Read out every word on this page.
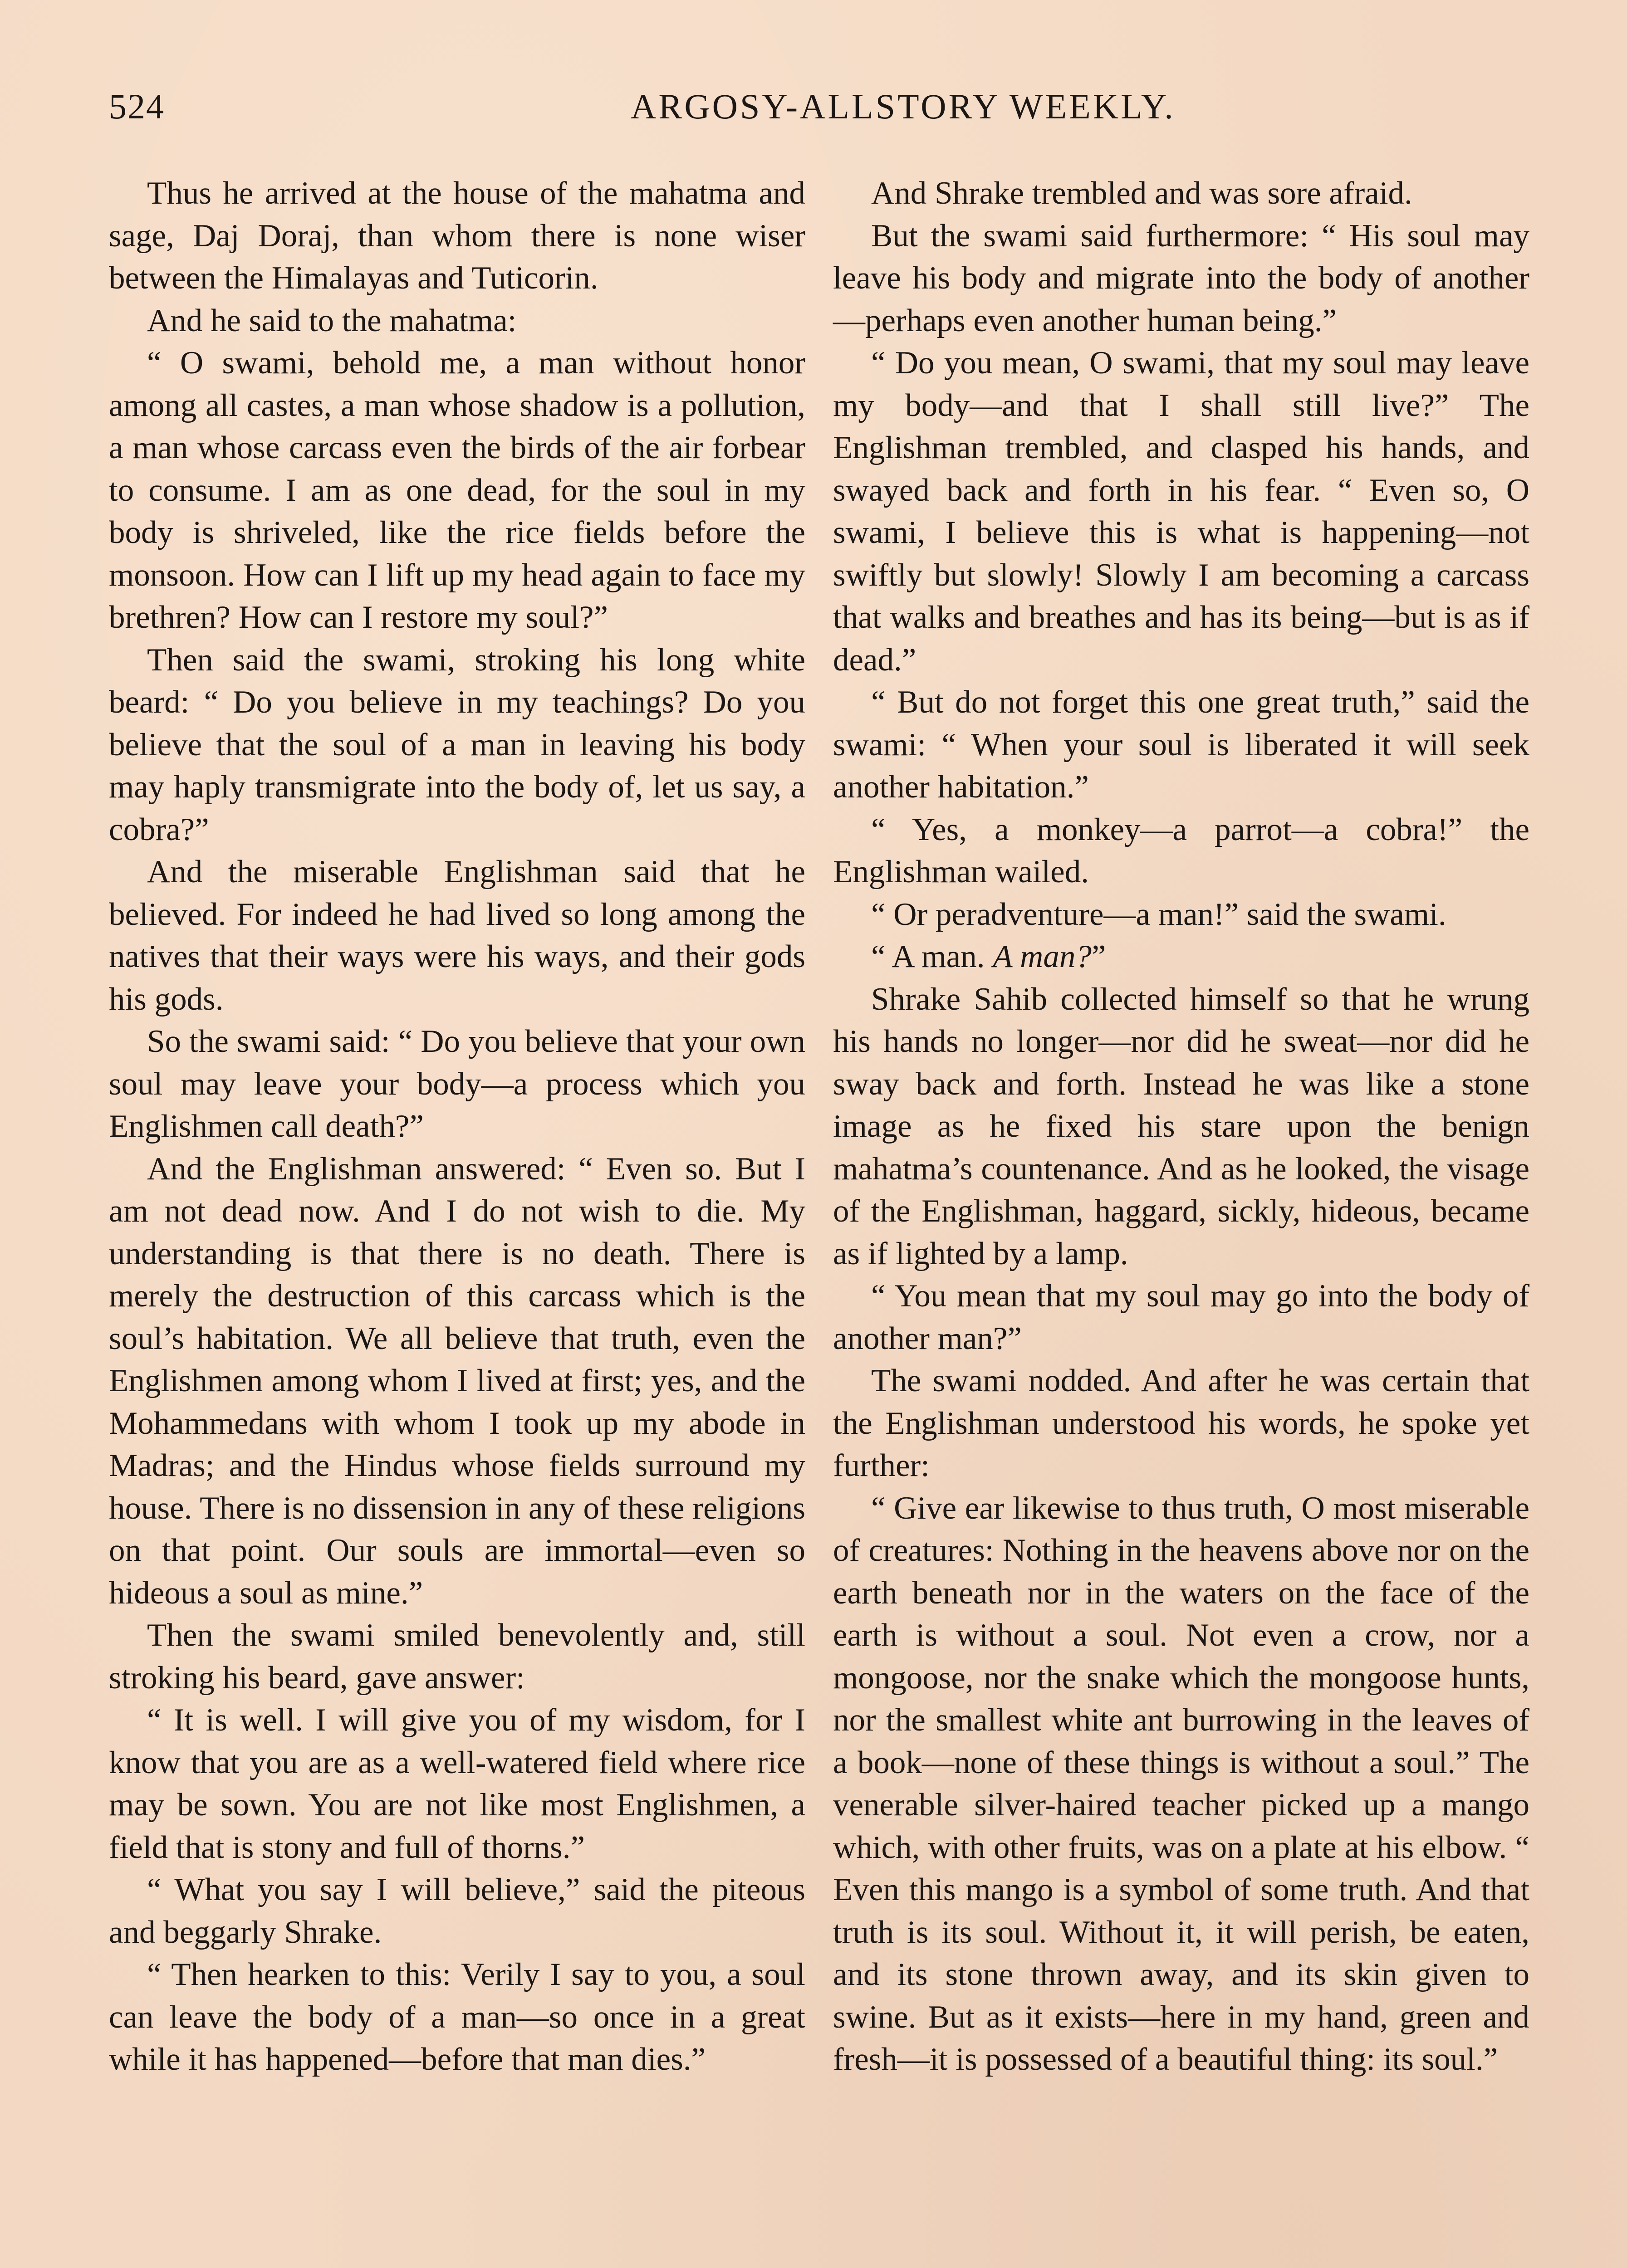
524	ARGOSY-ALLSTORY WEEKLY.

Thus he arrived at the house of the mahatma and sage, Daj Doraj, than whom there is none wiser between the Himalayas and Tuticorin.

And he said to the mahatma:

“ O swami, behold me, a man without honor among all castes, a man whose shadow is a pollution, a man whose carcass even the birds of the air forbear to consume. I am as one dead, for the soul in my body is shriveled, like the rice fields before the monsoon. How can I lift up my head again to face my brethren? How can I restore my soul?”

Then said the swami, stroking his long white beard: “ Do you believe in my teachings? Do you believe that the soul of a man in leaving his body may haply transmigrate into the body of, let us say, a cobra?”

And the miserable Englishman said that he believed. For indeed he had lived so long among the natives that their ways were his ways, and their gods his gods.

So the swami said: “ Do you believe that your own soul may leave your body—a process which you Englishmen call death?”

And the Englishman answered: “ Even so. But I am not dead now. And I do not wish to die. My understanding is that there is no death. There is merely the destruction of this carcass which is the soul’s habitation. We all believe that truth, even the Englishmen among whom I lived at first; yes, and the Mohammedans with whom I took up my abode in Madras; and the Hindus whose fields surround my house. There is no dissension in any of these religions on that point. Our souls are immortal—even so hideous a soul as mine.”

Then the swami smiled benevolently and, still stroking his beard, gave answer:

“ It is well. I will give you of my wisdom, for I know that you are as a well-watered field where rice may be sown. You are not like most Englishmen, a field that is stony and full of thorns.”

“ What you say I will believe,” said the piteous and beggarly Shrake.

“ Then hearken to this: Verily I say to you, a soul can leave the body of a man—so once in a great while it has happened—before that man dies.”

And Shrake trembled and was sore afraid.

But the swami said furthermore: “ His soul may leave his body and migrate into the body of another—perhaps even another human being.”

“ Do you mean, O swami, that my soul may leave my body—and that I shall still live?” The Englishman trembled, and clasped his hands, and swayed back and forth in his fear. “ Even so, O swami, I believe this is what is happening—not swiftly but slowly! Slowly I am becoming a carcass that walks and breathes and has its being—but is as if dead.”

“ But do not forget this one great truth,” said the swami: “ When your soul is liberated it will seek another habitation.”

“ Yes, a monkey—a parrot—a cobra!” the Englishman wailed.

“ Or peradventure—a man!” said the swami.

“ A man. A man?”

Shrake Sahib collected himself so that he wrung his hands no longer—nor did he sweat—nor did he sway back and forth. Instead he was like a stone image as he fixed his stare upon the benign mahatma’s countenance. And as he looked, the visage of the Englishman, haggard, sickly, hideous, became as if lighted by a lamp.

“ You mean that my soul may go into the body of another man?”

The swami nodded. And after he was certain that the Englishman understood his words, he spoke yet further:

“ Give ear likewise to thus truth, O most miserable of creatures: Nothing in the heavens above nor on the earth beneath nor in the waters on the face of the earth is without a soul. Not even a crow, nor a mongoose, nor the snake which the mongoose hunts, nor the smallest white ant burrowing in the leaves of a book—none of these things is without a soul.” The venerable silver-haired teacher picked up a mango which, with other fruits, was on a plate at his elbow. “ Even this mango is a symbol of some truth. And that truth is its soul. Without it, it will perish, be eaten, and its stone thrown away, and its skin given to swine. But as it exists—here in my hand, green and fresh—it is possessed of a beautiful thing: its soul.”
